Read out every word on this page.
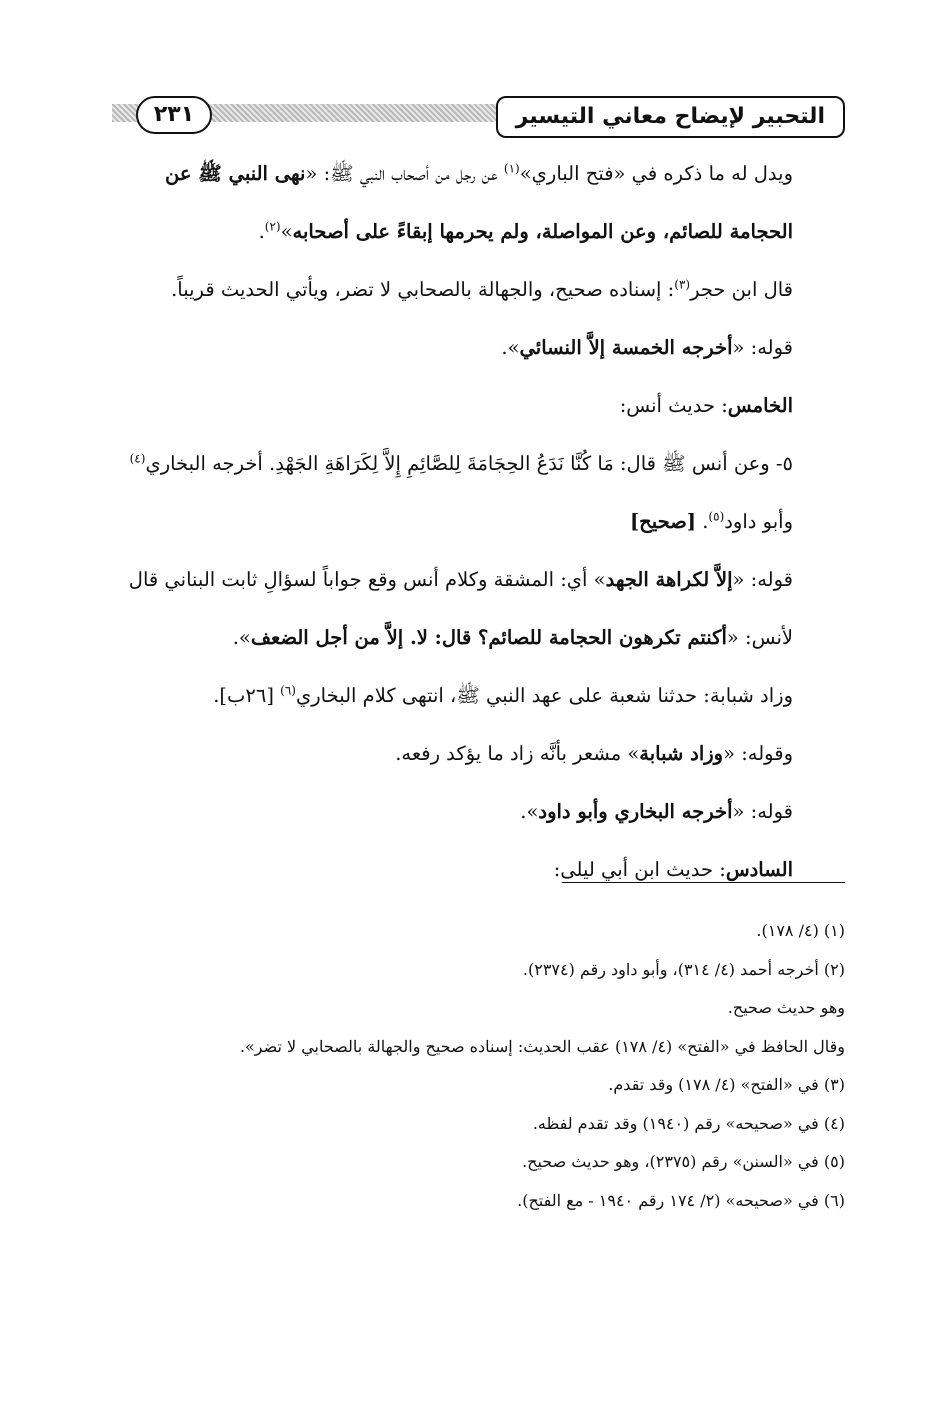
٢٣١	التحبير لإيضاح معاني التيسير

ويدل له ما ذكره في «فتح الباري»$^{(١)}$ عن رجل من أصحاب النبي ﷺ: «نهى النبي ﷺ عن الحجامة للصائم، وعن المواصلة، ولم يحرمها إبقاءً على أصحابه»$^{(٢)}$.

قال ابن حجر$^{(٣)}$: إسناده صحيح، والجهالة بالصحابي لا تضر، ويأتي الحديث قريباً.

قوله: «أخرجه الخمسة إلاَّ النسائي».

الخامس: حديث أنس:

٥- وعن أنس ﷺ قال: مَا كُنَّا نَدَعُ الحِجَامَةَ لِلصَّائِمِ إِلاَّ لِكَرَاهَةِ الجَهْدِ. أخرجه البخاري$^{(٤)}$ وأبو داود$^{(٥)}$. [صحيح]

قوله: «إلاَّ لكراهة الجهد» أي: المشقة وكلام أنس وقع جواباً لسؤالِ ثابت البناني قال لأنس: «أكنتم تكرهون الحجامة للصائم؟ قال: لا. إلاَّ من أجل الضعف».

وزاد شبابة: حدثنا شعبة على عهد النبي ﷺ، انتهى كلام البخاري$^{(٦)}$ [٢٦ب].

وقوله: «وزاد شبابة» مشعر بأنَّه زاد ما يؤكد رفعه.

قوله: «أخرجه البخاري وأبو داود».

السادس: حديث ابن أبي ليلى:

(١) (٤/ ١٧٨).

(٢) أخرجه أحمد (٤/ ٣١٤)، وأبو داود رقم (٢٣٧٤).

وهو حديث صحيح.

وقال الحافظ في «الفتح» (٤/ ١٧٨) عقب الحديث: إسناده صحيح والجهالة بالصحابي لا تضر».

(٣) في «الفتح» (٤/ ١٧٨) وقد تقدم.

(٤) في «صحيحه» رقم (١٩٤٠) وقد تقدم لفظه.

(٥) في «السنن» رقم (٢٣٧٥)، وهو حديث صحيح.

(٦) في «صحيحه» (٢/ ١٧٤ رقم ١٩٤٠ - مع الفتح).
